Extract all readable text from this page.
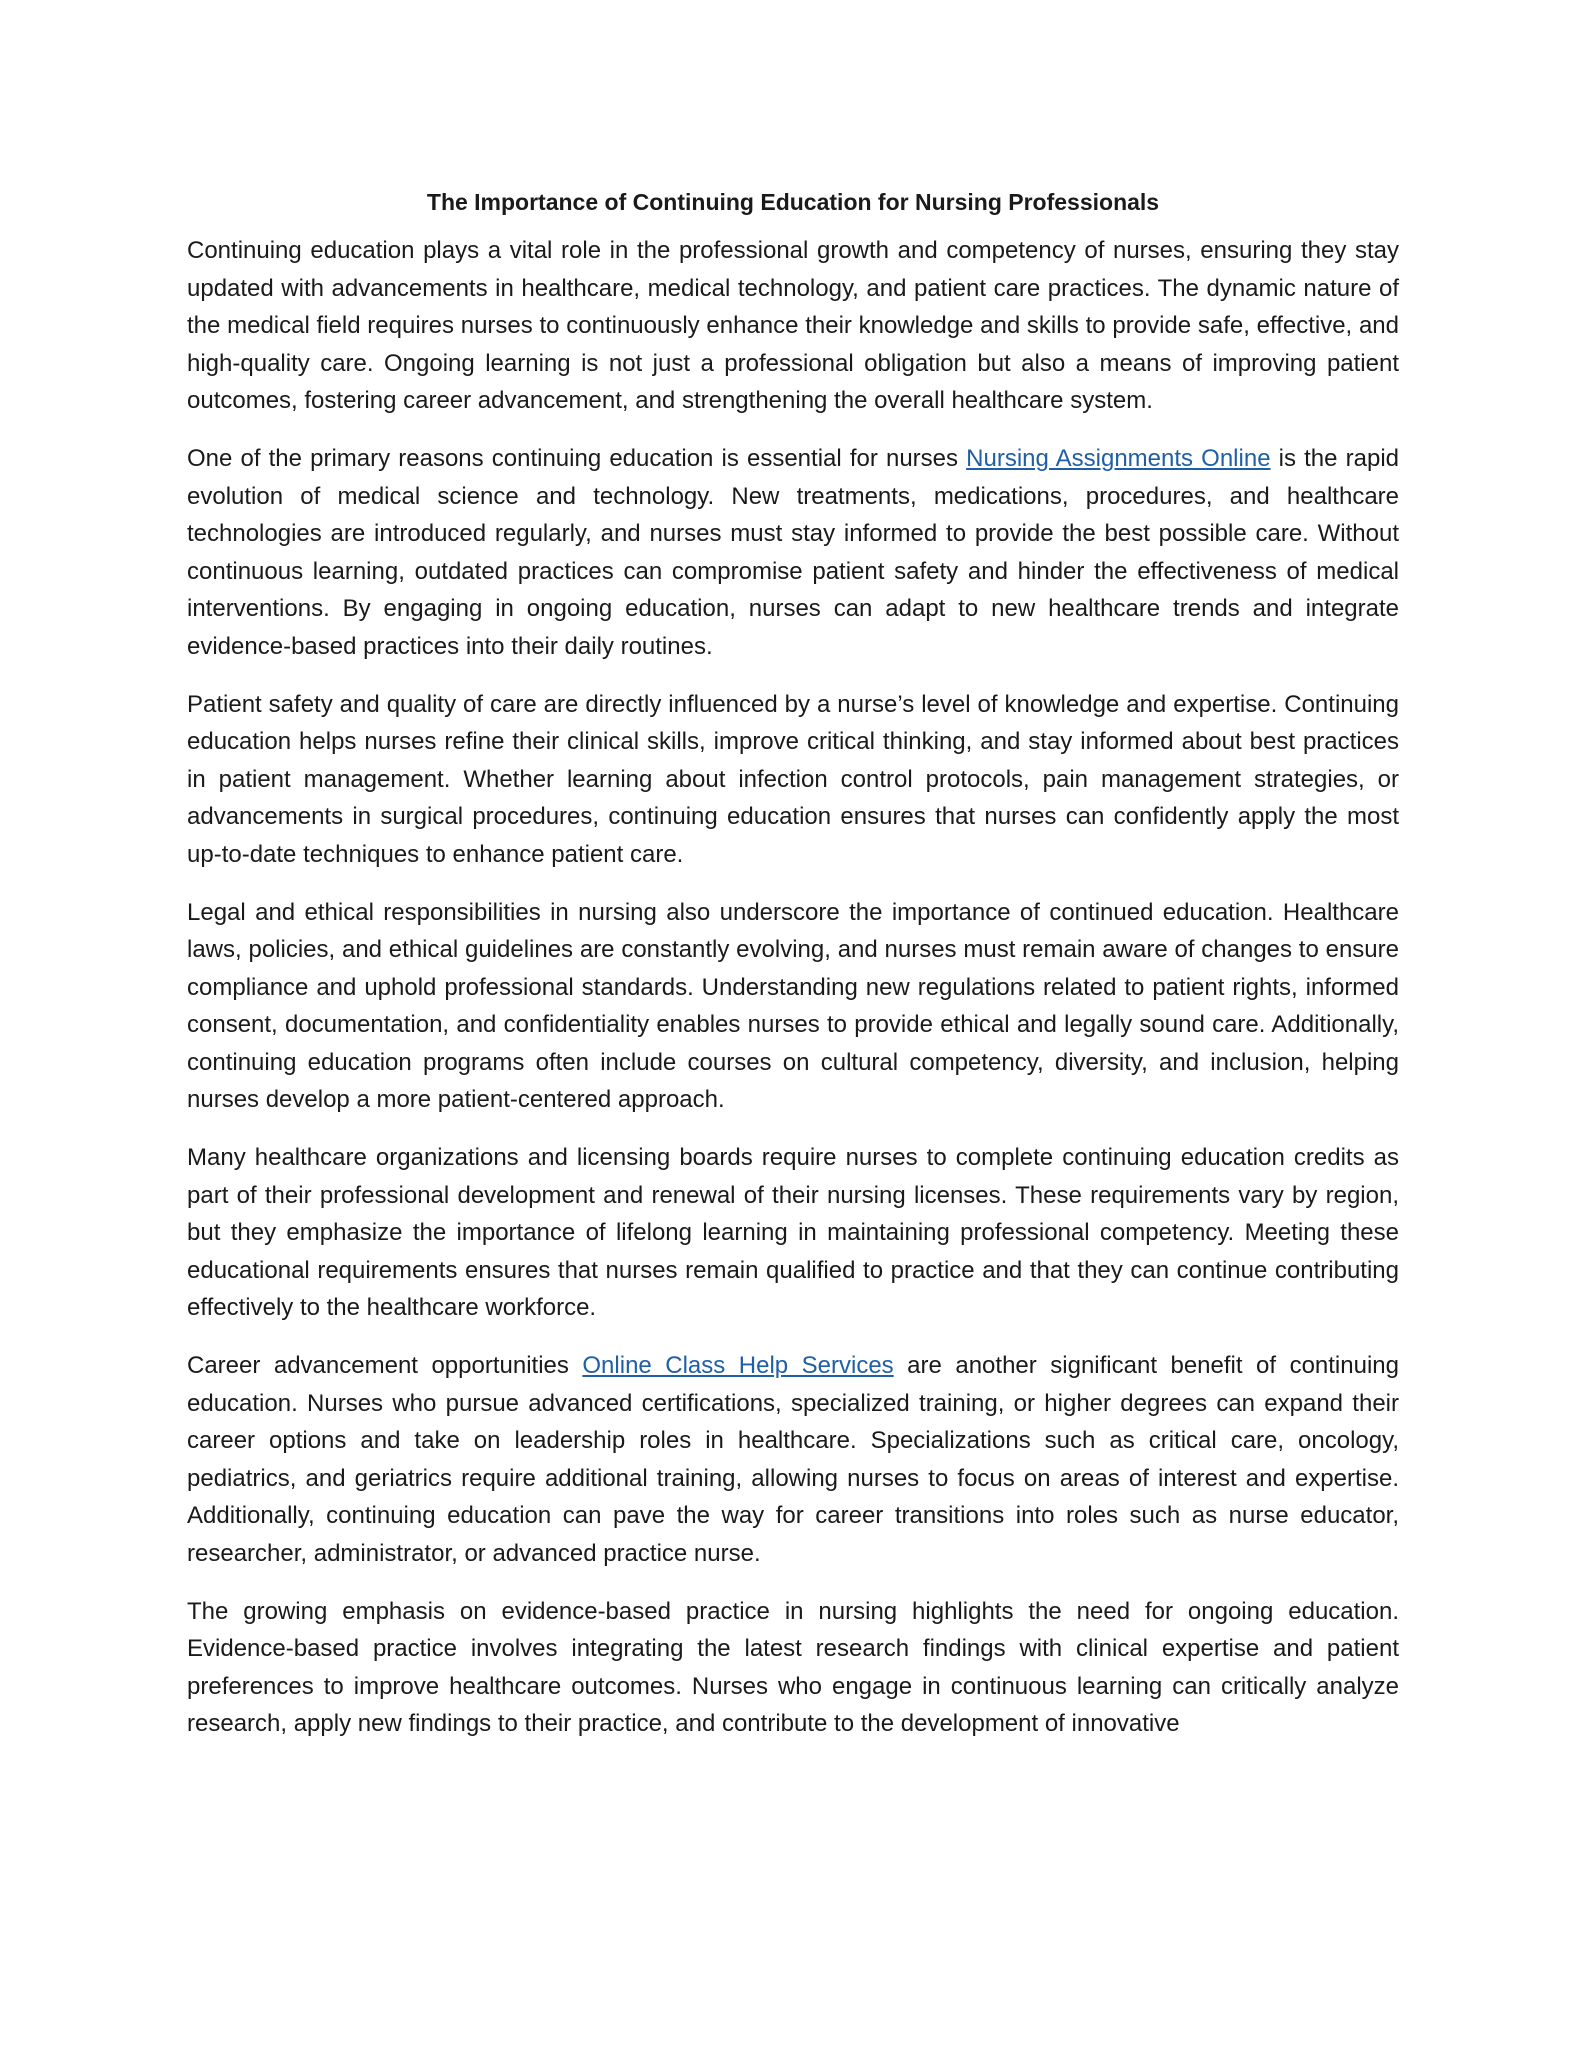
The Importance of Continuing Education for Nursing Professionals

Continuing education plays a vital role in the professional growth and competency of nurses, ensuring they stay updated with advancements in healthcare, medical technology, and patient care practices. The dynamic nature of the medical field requires nurses to continuously enhance their knowledge and skills to provide safe, effective, and high-quality care. Ongoing learning is not just a professional obligation but also a means of improving patient outcomes, fostering career advancement, and strengthening the overall healthcare system.

One of the primary reasons continuing education is essential for nurses Nursing Assignments Online is the rapid evolution of medical science and technology. New treatments, medications, procedures, and healthcare technologies are introduced regularly, and nurses must stay informed to provide the best possible care. Without continuous learning, outdated practices can compromise patient safety and hinder the effectiveness of medical interventions. By engaging in ongoing education, nurses can adapt to new healthcare trends and integrate evidence-based practices into their daily routines.

Patient safety and quality of care are directly influenced by a nurse’s level of knowledge and expertise. Continuing education helps nurses refine their clinical skills, improve critical thinking, and stay informed about best practices in patient management. Whether learning about infection control protocols, pain management strategies, or advancements in surgical procedures, continuing education ensures that nurses can confidently apply the most up-to-date techniques to enhance patient care.

Legal and ethical responsibilities in nursing also underscore the importance of continued education. Healthcare laws, policies, and ethical guidelines are constantly evolving, and nurses must remain aware of changes to ensure compliance and uphold professional standards. Understanding new regulations related to patient rights, informed consent, documentation, and confidentiality enables nurses to provide ethical and legally sound care. Additionally, continuing education programs often include courses on cultural competency, diversity, and inclusion, helping nurses develop a more patient-centered approach.

Many healthcare organizations and licensing boards require nurses to complete continuing education credits as part of their professional development and renewal of their nursing licenses. These requirements vary by region, but they emphasize the importance of lifelong learning in maintaining professional competency. Meeting these educational requirements ensures that nurses remain qualified to practice and that they can continue contributing effectively to the healthcare workforce.

Career advancement opportunities Online Class Help Services are another significant benefit of continuing education. Nurses who pursue advanced certifications, specialized training, or higher degrees can expand their career options and take on leadership roles in healthcare. Specializations such as critical care, oncology, pediatrics, and geriatrics require additional training, allowing nurses to focus on areas of interest and expertise. Additionally, continuing education can pave the way for career transitions into roles such as nurse educator, researcher, administrator, or advanced practice nurse.

The growing emphasis on evidence-based practice in nursing highlights the need for ongoing education. Evidence-based practice involves integrating the latest research findings with clinical expertise and patient preferences to improve healthcare outcomes. Nurses who engage in continuous learning can critically analyze research, apply new findings to their practice, and contribute to the development of innovative
